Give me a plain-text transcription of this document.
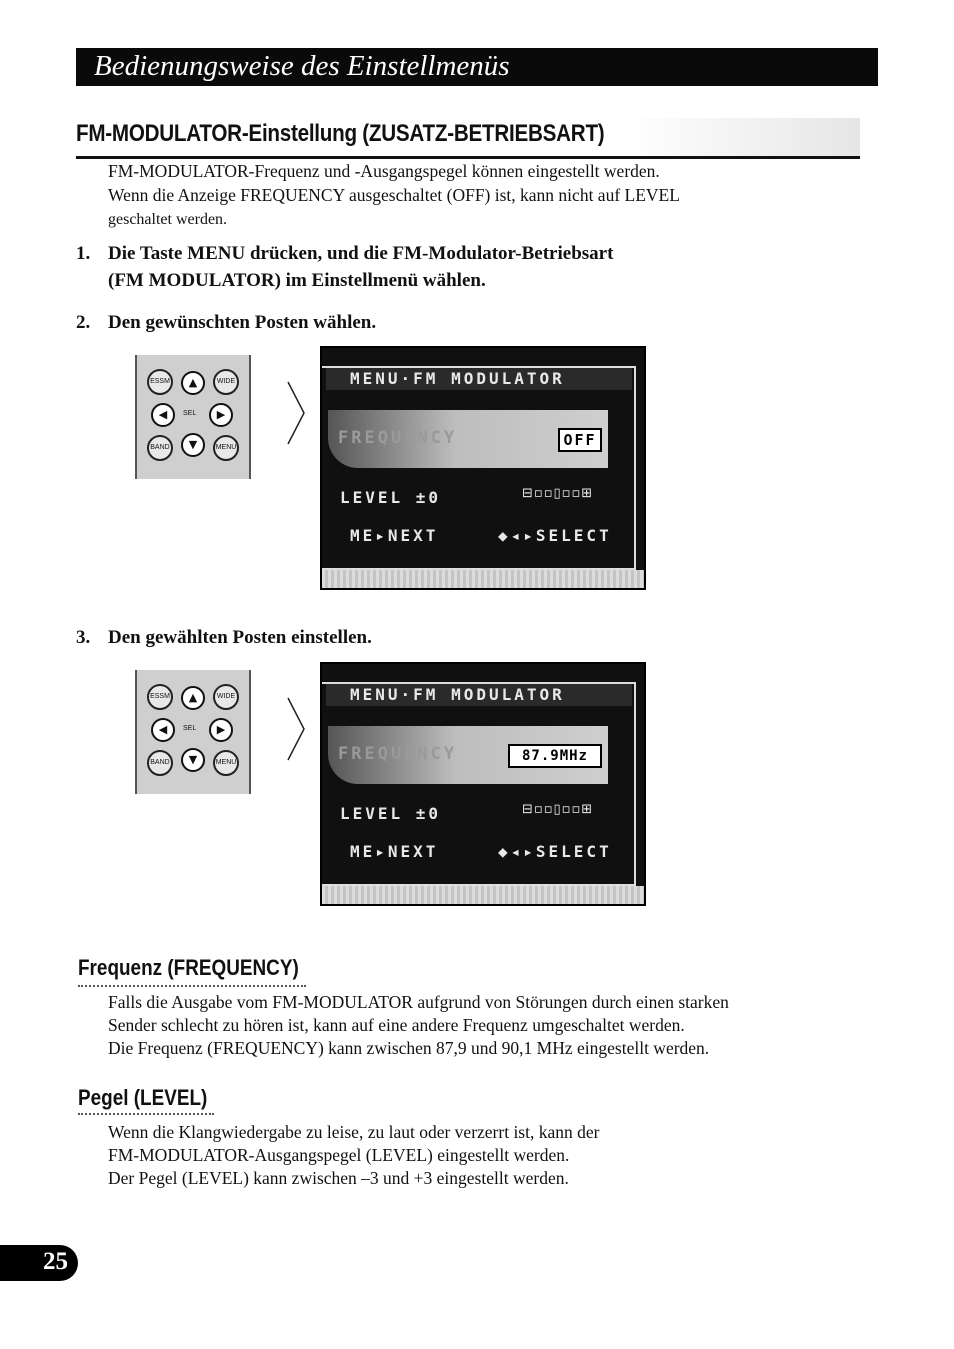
Bedienungsweise des Einstellmenüs
FM-MODULATOR-Einstellung (ZUSATZ-BETRIEBSART)
FM-MODULATOR-Frequenz und -Ausgangspegel können eingestellt werden.
Wenn die Anzeige FREQUENCY ausgeschaltet (OFF) ist, kann nicht auf LEVEL
geschaltet werden.
1. Die Taste MENU drücken, und die FM-Modulator-Betriebsart
(FM MODULATOR) im Einstellmenü wählen.
2. Den gewünschten Posten wählen.
ESSM	WIDE
▲
◀	▶
SEL
▼
BAND	MENU
MENU·FM MODULATOR
FREQUENCY	OFF
LEVEL ±0	⊟▫▫▯▫▫⊞
ME▸NEXT	◆◂▸SELECT
3. Den gewählten Posten einstellen.
ESSM	WIDE
▲
◀	▶
SEL
▼
BAND	MENU
MENU·FM MODULATOR
FREQUENCY	87.9MHz
LEVEL ±0	⊟▫▫▯▫▫⊞
ME▸NEXT	◆◂▸SELECT
Frequenz (FREQUENCY)
Falls die Ausgabe vom FM-MODULATOR aufgrund von Störungen durch einen starken
Sender schlecht zu hören ist, kann auf eine andere Frequenz umgeschaltet werden.
Die Frequenz (FREQUENCY) kann zwischen 87,9 und 90,1 MHz eingestellt werden.
Pegel (LEVEL)
Wenn die Klangwiedergabe zu leise, zu laut oder verzerrt ist, kann der
FM-MODULATOR-Ausgangspegel (LEVEL) eingestellt werden.
Der Pegel (LEVEL) kann zwischen –3 und +3 eingestellt werden.
25
